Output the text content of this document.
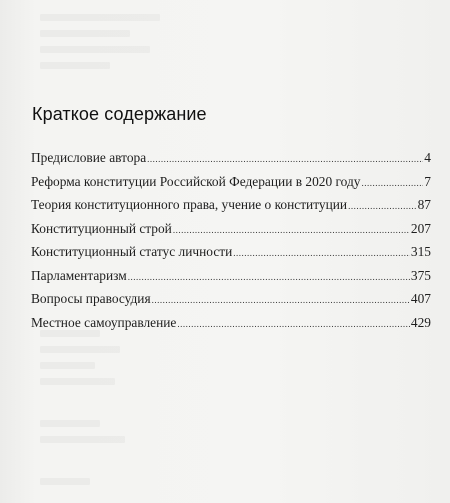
Краткое содержание
Предисловие автора .....	4
Реформа конституции Российской Федерации в 2020 году .....	7
Теория конституционного права, учение о конституции .....	87
Конституционный строй .....	207
Конституционный статус личности .....	315
Парламентаризм .....	375
Вопросы правосудия .....	407
Местное самоуправление .....	429
